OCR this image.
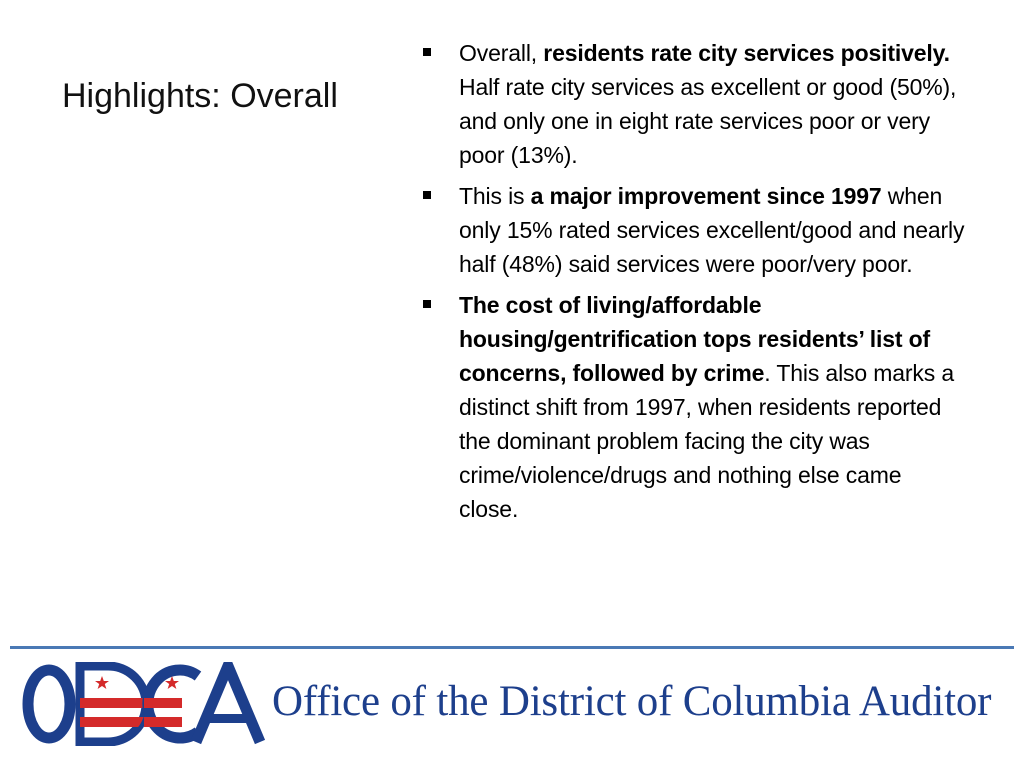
Highlights: Overall
Overall, residents rate city services positively. Half rate city services as excellent or good (50%), and only one in eight rate services poor or very poor (13%).
This is a major improvement since 1997 when only 15% rated services excellent/good and nearly half (48%) said services were poor/very poor.
The cost of living/affordable housing/gentrification tops residents’ list of concerns, followed by crime. This also marks a distinct shift from 1997, when residents reported the dominant problem facing the city was crime/violence/drugs and nothing else came close.
ODCA
Office of the District of Columbia Auditor
